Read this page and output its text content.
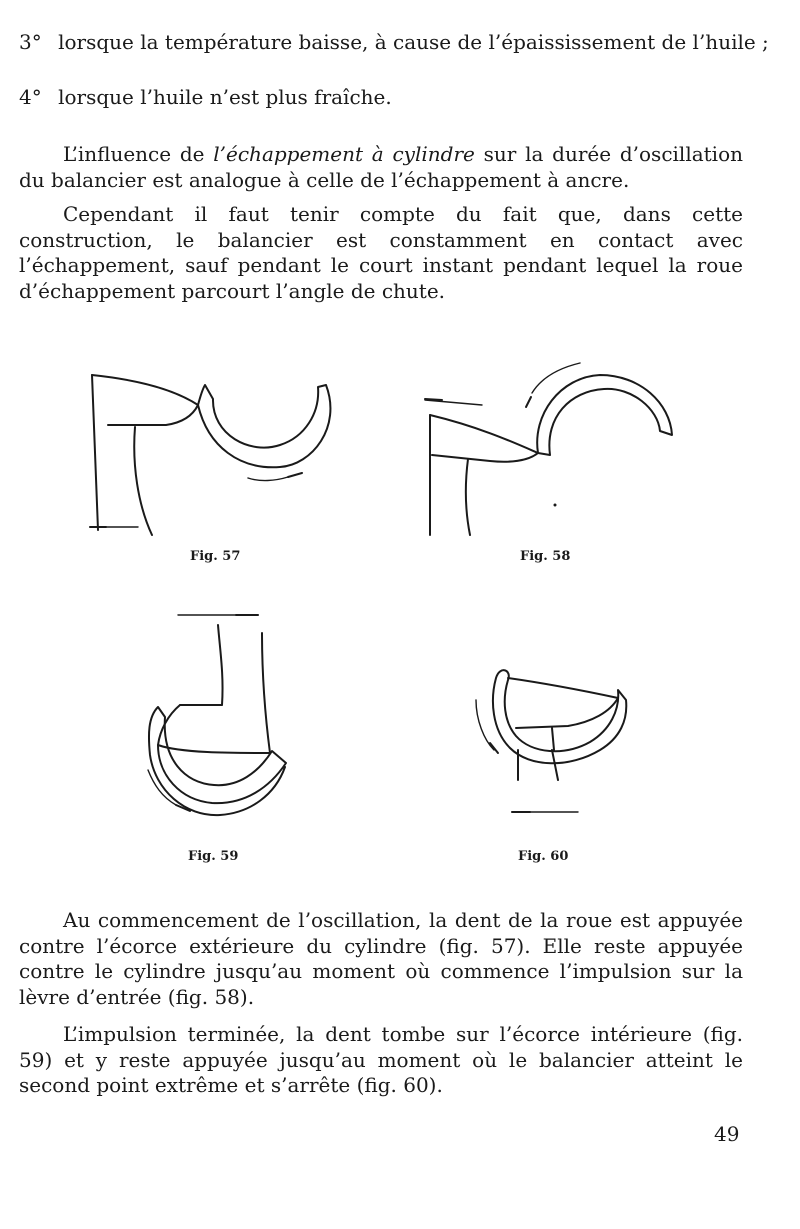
3° lorsque la température baisse, à cause de l’épaississement de l’huile ;
4° lorsque l’huile n’est plus fraîche.
L’influence de l’échappement à cylindre sur la durée d’oscillation du balancier est analogue à celle de l’échappement à ancre.
Cependant il faut tenir compte du fait que, dans cette construction, le balancier est constamment en contact avec l’échappement, sauf pendant le court instant pendant lequel la roue d’échappement parcourt l’angle de chute.
Fig. 57	Fig. 58
Fig. 59	Fig. 60
Au commencement de l’oscillation, la dent de la roue est appuyée contre l’écorce extérieure du cylindre (fig. 57). Elle reste appuyée contre le cylindre jusqu’au moment où commence l’impulsion sur la lèvre d’entrée (fig. 58).
L’impulsion terminée, la dent tombe sur l’écorce intérieure (fig. 59) et y reste appuyée jusqu’au moment où le balancier atteint le second point extrême et s’arrête (fig. 60).
49
